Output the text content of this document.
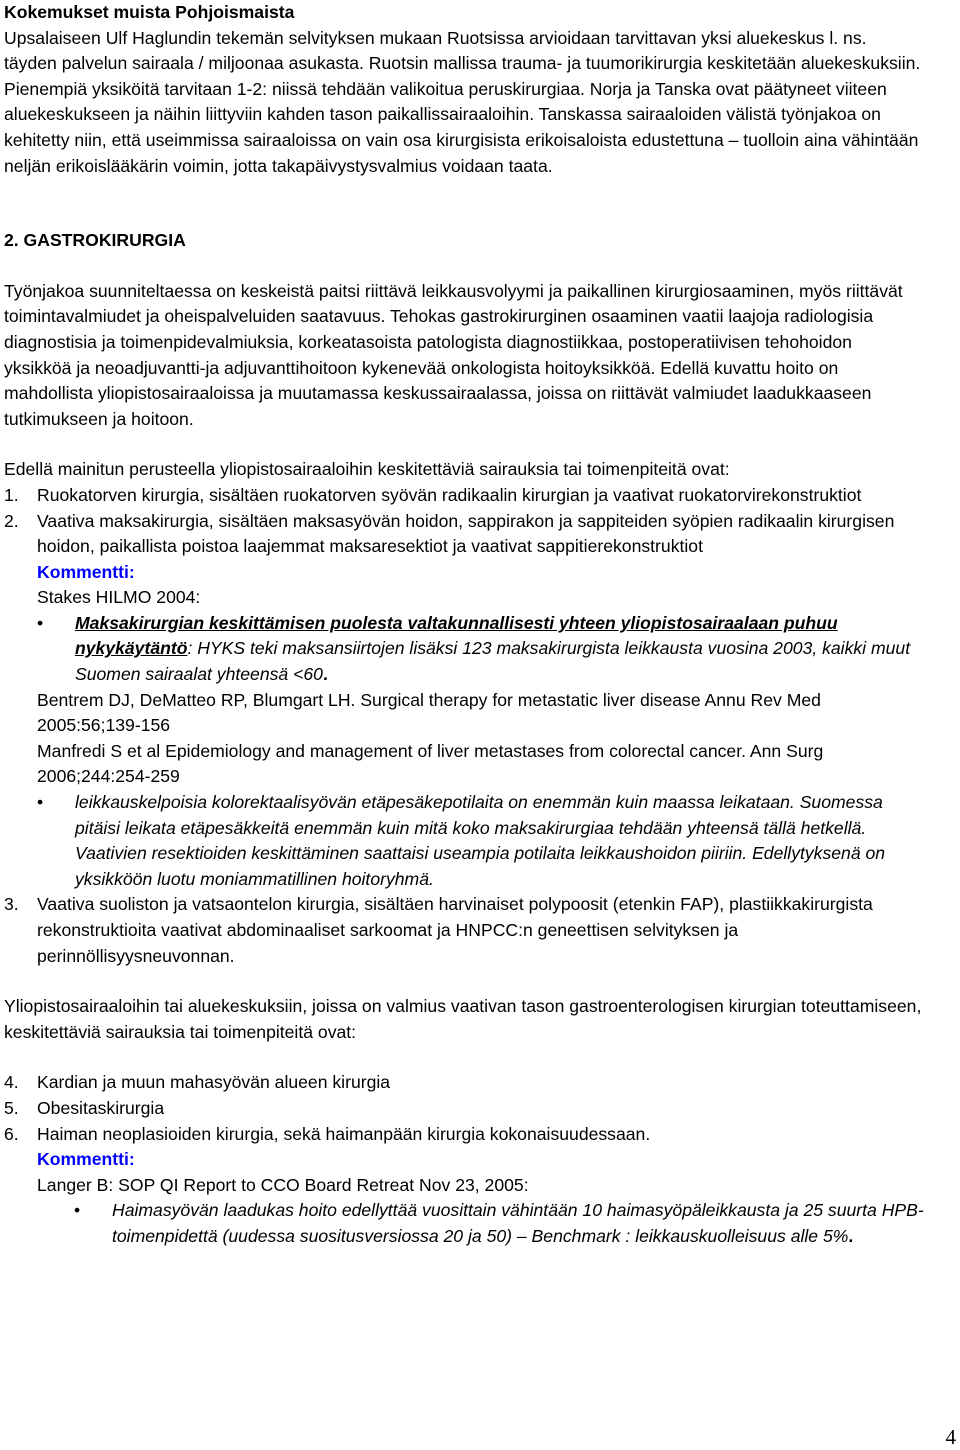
Kokemukset muista Pohjoismaista

Upsalaiseen Ulf Haglundin tekemän selvityksen mukaan Ruotsissa arvioidaan tarvittavan yksi aluekeskus l. ns. täyden palvelun sairaala / miljoonaa asukasta. Ruotsin mallissa trauma- ja tuumorikirurgia keskitetään aluekeskuksiin. Pienempiä yksiköitä tarvitaan 1-2: niissä tehdään valikoitua peruskirurgiaa. Norja ja Tanska ovat päätyneet viiteen aluekeskukseen ja näihin liittyviin kahden tason paikallissairaaloihin. Tanskassa sairaaloiden välistä työnjakoa on kehitetty niin, että useimmissa sairaaloissa on vain osa kirurgisista erikoisaloista edustettuna – tuolloin aina vähintään neljän erikoislääkärin voimin, jotta takapäivystysvalmius voidaan taata.

2. GASTROKIRURGIA

Työnjakoa suunniteltaessa on keskeistä paitsi riittävä leikkausvolyymi ja paikallinen kirurgiosaaminen, myös riittävät toimintavalmiudet ja oheispalveluiden saatavuus. Tehokas gastrokirurginen osaaminen vaatii laajoja radiologisia diagnostisia ja toimenpidevalmiuksia, korkeatasoista patologista diagnostiikkaa, postoperatiivisen tehohoidon yksikköä ja neoadjuvantti-ja adjuvanttihoitoon kykenevää onkologista hoitoyksikköä. Edellä kuvattu hoito on mahdollista yliopistosairaaloissa ja muutamassa keskussairaalassa, joissa on riittävät valmiudet laadukkaaseen tutkimukseen ja hoitoon.

Edellä mainitun perusteella yliopistosairaaloihin keskitettäviä sairauksia tai toimenpiteitä ovat:

1.	Ruokatorven kirurgia, sisältäen ruokatorven syövän radikaalin kirurgian ja vaativat ruokatorvirekonstruktiot
2.	Vaativa maksakirurgia, sisältäen maksasyövän hoidon, sappirakon ja sappiteiden syöpien radikaalin kirurgisen hoidon, paikallista poistoa laajemmat maksaresektiot ja vaativat sappitierekonstruktiot

Kommentti:

Stakes HILMO 2004:

•	Maksakirurgian keskittämisen puolesta valtakunnallisesti yhteen yliopistosairaalaan puhuu nykykäytäntö: HYKS teki maksansiirtojen lisäksi 123 maksakirurgista leikkausta vuosina 2003, kaikki muut Suomen sairaalat yhteensä <60.

Bentrem DJ, DeMatteo RP, Blumgart LH. Surgical therapy for metastatic liver disease Annu Rev Med 2005:56;139-156

Manfredi S et al Epidemiology and management of liver metastases from colorectal cancer. Ann Surg 2006;244:254-259

•	leikkauskelpoisia kolorektaalisyövän etäpesäkepotilaita on enemmän kuin maassa leikataan. Suomessa pitäisi leikata etäpesäkkeitä enemmän kuin mitä koko maksakirurgiaa tehdään yhteensä tällä hetkellä. Vaativien resektioiden keskittäminen saattaisi useampia potilaita leikkaushoidon piiriin. Edellytyksenä on yksikköön luotu moniammatillinen hoitoryhmä.
3.	Vaativa suoliston ja vatsaontelon kirurgia, sisältäen harvinaiset polypoosit (etenkin FAP), plastiikkakirurgista rekonstruktioita vaativat abdominaaliset sarkoomat ja HNPCC:n geneettisen selvityksen ja perinnöllisyysneuvonnan.

Yliopistosairaaloihin tai aluekeskuksiin, joissa on valmius vaativan tason gastroenterologisen kirurgian toteuttamiseen, keskitettäviä sairauksia tai toimenpiteitä ovat:

4.	Kardian ja muun mahasyövän alueen kirurgia
5.	Obesitaskirurgia
6.	Haiman neoplasioiden kirurgia, sekä haimanpään kirurgia kokonaisuudessaan.

Kommentti:

Langer B: SOP QI Report to CCO Board Retreat Nov 23, 2005:

•	Haimasyövän laadukas hoito edellyttää vuosittain vähintään 10 haimasyöpäleikkausta ja 25 suurta HPB- toimenpidettä (uudessa suositusversiossa 20 ja 50) – Benchmark : leikkauskuolleisuus alle 5%.
4
